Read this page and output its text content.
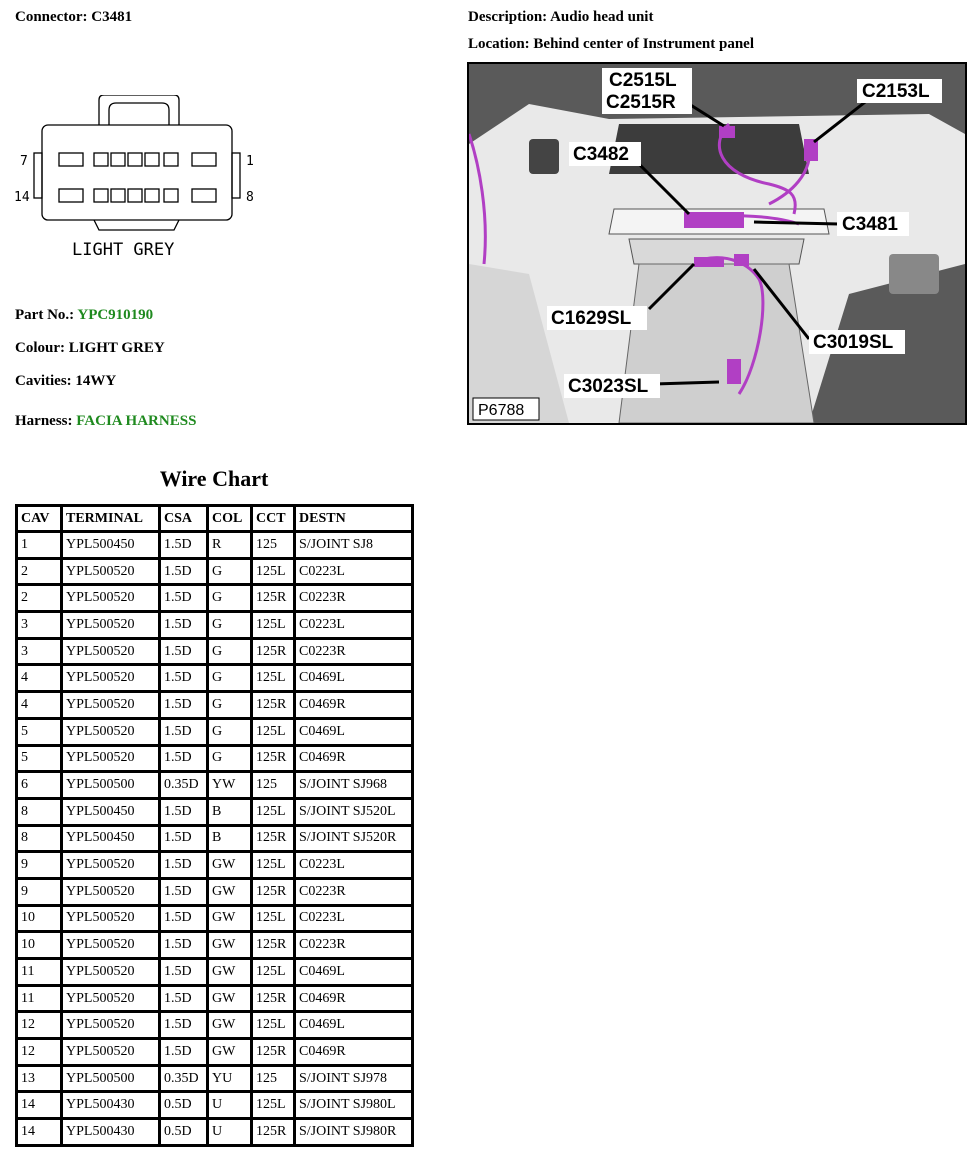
Connector: C3481	Description: Audio head unit
Location: Behind center of Instrument panel
7
14
1
8
LIGHT GREY
Part No.: YPC910190
Colour: LIGHT GREY
Cavities: 14WY
Harness: FACIA HARNESS
C2515L
C2515R
C2153L
C3482
C3481
C1629SL
C3019SL
C3023SL
P6788
Wire Chart
CAV	TERMINAL	CSA	COL	CCT	DESTN
1	YPL500450	1.5D	R	125	S/JOINT SJ8
2	YPL500520	1.5D	G	125L	C0223L
2	YPL500520	1.5D	G	125R	C0223R
3	YPL500520	1.5D	G	125L	C0223L
3	YPL500520	1.5D	G	125R	C0223R
4	YPL500520	1.5D	G	125L	C0469L
4	YPL500520	1.5D	G	125R	C0469R
5	YPL500520	1.5D	G	125L	C0469L
5	YPL500520	1.5D	G	125R	C0469R
6	YPL500500	0.35D	YW	125	S/JOINT SJ968
8	YPL500450	1.5D	B	125L	S/JOINT SJ520L
8	YPL500450	1.5D	B	125R	S/JOINT SJ520R
9	YPL500520	1.5D	GW	125L	C0223L
9	YPL500520	1.5D	GW	125R	C0223R
10	YPL500520	1.5D	GW	125L	C0223L
10	YPL500520	1.5D	GW	125R	C0223R
11	YPL500520	1.5D	GW	125L	C0469L
11	YPL500520	1.5D	GW	125R	C0469R
12	YPL500520	1.5D	GW	125L	C0469L
12	YPL500520	1.5D	GW	125R	C0469R
13	YPL500500	0.35D	YU	125	S/JOINT SJ978
14	YPL500430	0.5D	U	125L	S/JOINT SJ980L
14	YPL500430	0.5D	U	125R	S/JOINT SJ980R
